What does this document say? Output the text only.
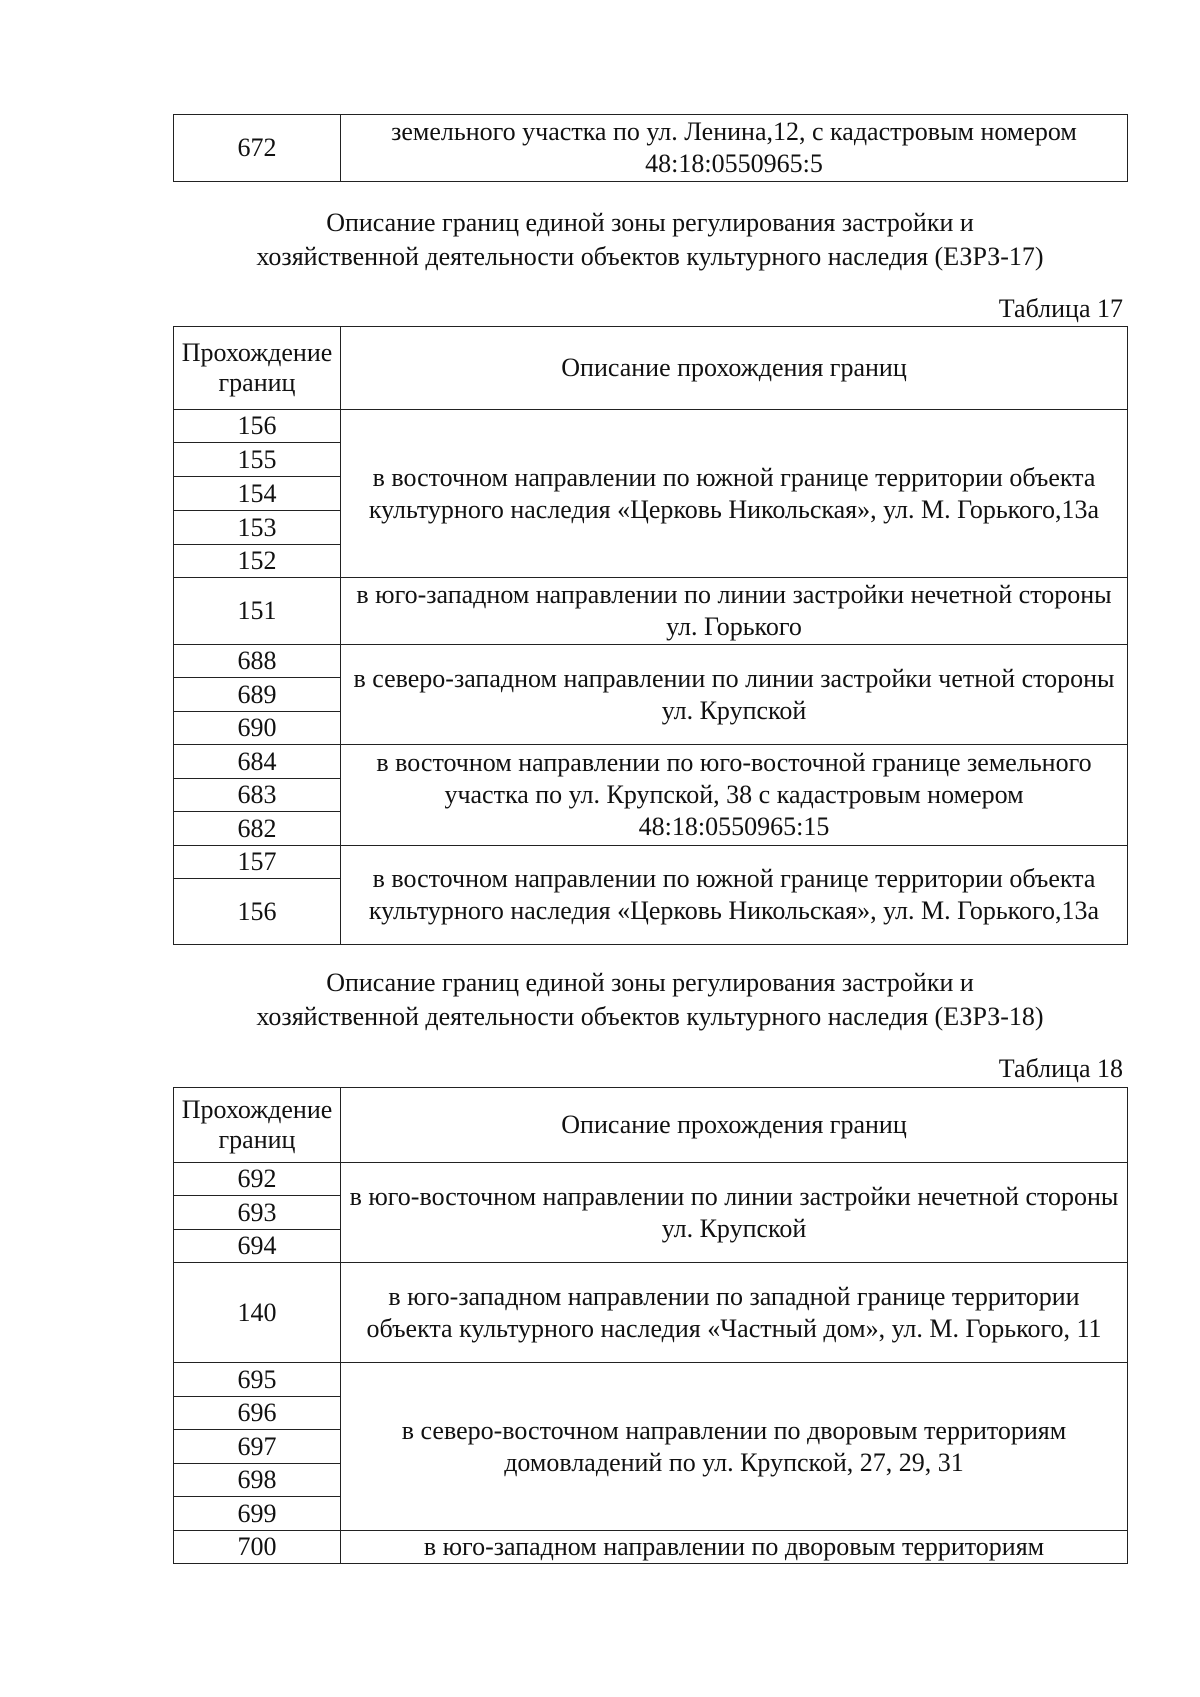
672	земельного участка по ул. Ленина,12, с кадастровым номером 48:18:0550965:5
Описание границ единой зоны регулирования застройки и
хозяйственной деятельности объектов культурного наследия (ЕЗРЗ-17)
Таблица 17
Прохождение границ	Описание прохождения границ
156	в восточном направлении по южной границе территории объекта культурного наследия «Церковь Никольская», ул. М. Горького,13а
155	
154	
153	
152	
151	в юго-западном направлении по линии застройки нечетной стороны ул. Горького
688	в северо-западном направлении по линии застройки четной стороны ул. Крупской
689	
690	
684	в восточном направлении по юго-восточной границе земельного участка по ул. Крупской, 38 с кадастровым номером 48:18:0550965:15
683	
682	
157	в восточном направлении по южной границе территории объекта культурного наследия «Церковь Никольская», ул. М. Горького,13а
156	
Описание границ единой зоны регулирования застройки и
хозяйственной деятельности объектов культурного наследия (ЕЗРЗ-18)
Таблица 18
Прохождение границ	Описание прохождения границ
692	в юго-восточном направлении по линии застройки нечетной стороны ул. Крупской
693	
694	
140	в юго-западном направлении по западной границе территории объекта культурного наследия «Частный дом», ул. М. Горького, 11
695	в северо-восточном направлении по дворовым территориям домовладений по ул. Крупской, 27, 29, 31
696	
697	
698	
699	
700	в юго-западном направлении по дворовым территориям
